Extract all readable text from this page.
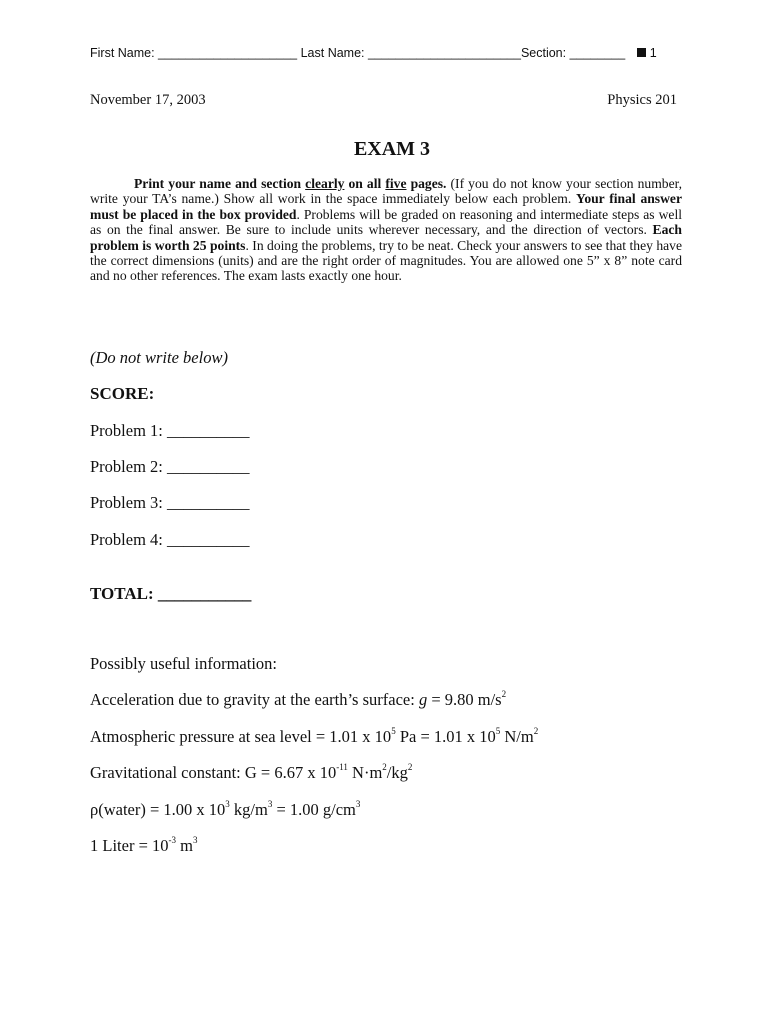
First Name: ____________________ Last Name: ______________________Section: ________ 1
November 17, 2003	Physics 201
EXAM 3
Print your name and section clearly on all five pages. (If you do not know your section number, write your TA’s name.) Show all work in the space immediately below each problem. Your final answer must be placed in the box provided. Problems will be graded on reasoning and intermediate steps as well as on the final answer. Be sure to include units wherever necessary, and the direction of vectors. Each problem is worth 25 points. In doing the problems, try to be neat. Check your answers to see that they have the correct dimensions (units) and are the right order of magnitudes. You are allowed one 5” x 8” note card and no other references. The exam lasts exactly one hour.
(Do not write below)
SCORE:
Problem 1: __________
Problem 2: __________
Problem 3: __________
Problem 4: __________
TOTAL: ___________
Possibly useful information:
Acceleration due to gravity at the earth’s surface: g = 9.80 $m/s^2$
Atmospheric pressure at sea level = 1.01 x $10^5$ Pa = 1.01 x $10^5$ $N/m^2$
Gravitational constant: G = 6.67 x $10^{-11}$ $N\cdot m^2/kg^2$
ρ(water) = 1.00 x $10^3$ $kg/m^3 = 1.00$ $g/cm^3$
1 Liter = $10^{-3}$ $m^3$
